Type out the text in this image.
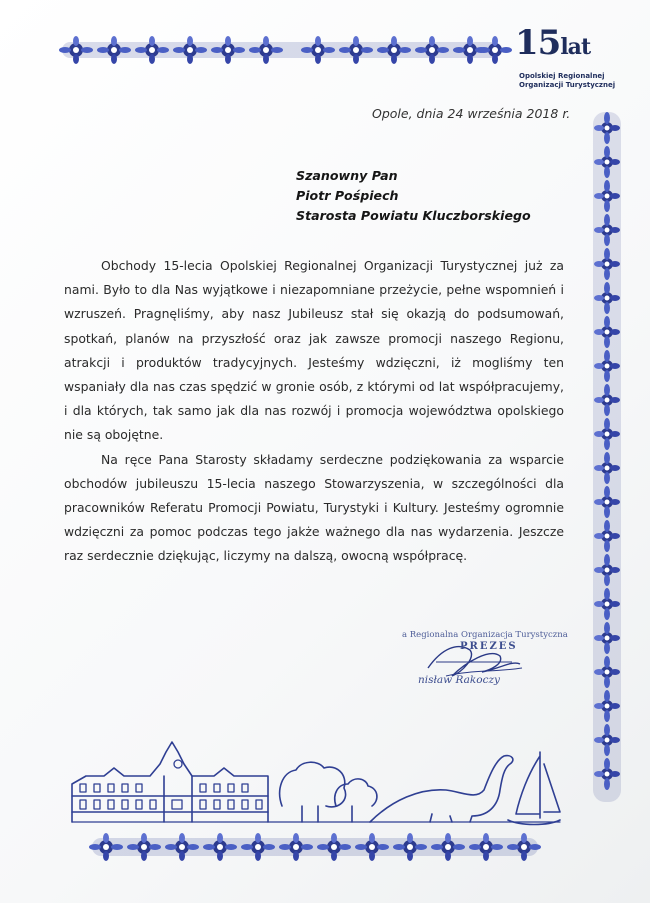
15lat
Opolskiej Regionalnej
Organizacji Turystycznej
Opole, dnia 24 września 2018 r.
Szanowny Pan
Piotr Pośpiech
Starosta Powiatu Kluczborskiego

Obchody 15-lecia Opolskiej Regionalnej Organizacji Turystycznej już za nami. Było to dla Nas wyjątkowe i niezapomniane przeżycie, pełne wspomnień i wzruszeń. Pragnęliśmy, aby nasz Jubileusz stał się okazją do podsumowań, spotkań, planów na przyszłość oraz jak zawsze promocji naszego Regionu, atrakcji i produktów tradycyjnych. Jesteśmy wdzięczni, iż mogliśmy ten wspaniały dla nas czas spędzić w gronie osób, z którymi od lat współpracujemy, i dla których, tak samo jak dla nas rozwój i promocja województwa opolskiego nie są obojętne.

Na ręce Pana Starosty składamy serdeczne podziękowania za wsparcie obchodów jubileuszu 15-lecia naszego Stowarzyszenia, w szczególności dla pracowników Referatu Promocji Powiatu, Turystyki i Kultury. Jesteśmy ogromnie wdzięczni za pomoc podczas tego jakże ważnego dla nas wydarzenia. Jeszcze raz serdecznie dziękując, liczymy na dalszą, owocną współpracę.

a Regionalna Organizacja Turystyczna
PREZES
nisław Rakoczy
